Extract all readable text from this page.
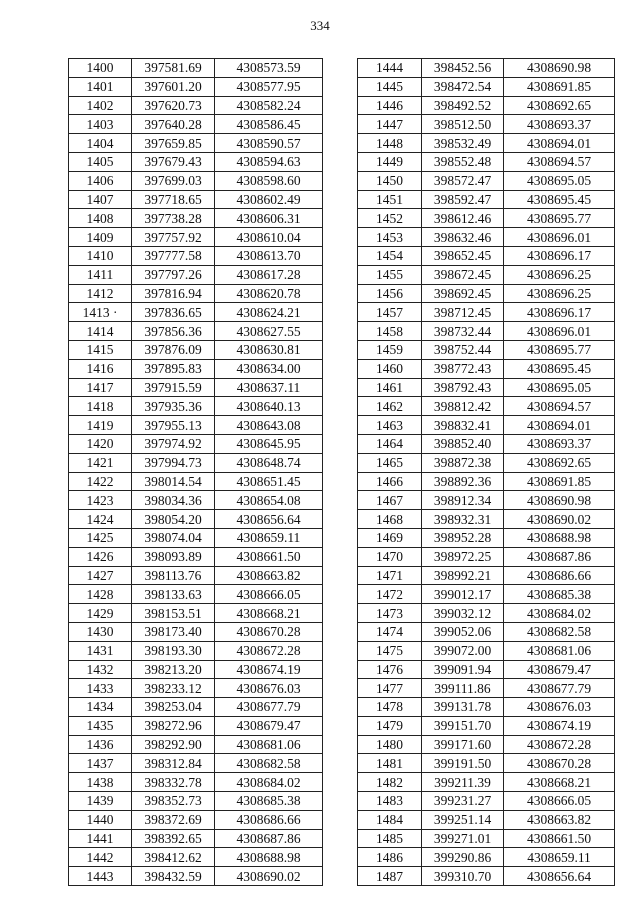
334
1400	397581.69	4308573.59
1401	397601.20	4308577.95
1402	397620.73	4308582.24
1403	397640.28	4308586.45
1404	397659.85	4308590.57
1405	397679.43	4308594.63
1406	397699.03	4308598.60
1407	397718.65	4308602.49
1408	397738.28	4308606.31
1409	397757.92	4308610.04
1410	397777.58	4308613.70
1411	397797.26	4308617.28
1412	397816.94	4308620.78
1413 ·	397836.65	4308624.21
1414	397856.36	4308627.55
1415	397876.09	4308630.81
1416	397895.83	4308634.00
1417	397915.59	4308637.11
1418	397935.36	4308640.13
1419	397955.13	4308643.08
1420	397974.92	4308645.95
1421	397994.73	4308648.74
1422	398014.54	4308651.45
1423	398034.36	4308654.08
1424	398054.20	4308656.64
1425	398074.04	4308659.11
1426	398093.89	4308661.50
1427	398113.76	4308663.82
1428	398133.63	4308666.05
1429	398153.51	4308668.21
1430	398173.40	4308670.28
1431	398193.30	4308672.28
1432	398213.20	4308674.19
1433	398233.12	4308676.03
1434	398253.04	4308677.79
1435	398272.96	4308679.47
1436	398292.90	4308681.06
1437	398312.84	4308682.58
1438	398332.78	4308684.02
1439	398352.73	4308685.38
1440	398372.69	4308686.66
1441	398392.65	4308687.86
1442	398412.62	4308688.98
1443	398432.59	4308690.02
1444	398452.56	4308690.98
1445	398472.54	4308691.85
1446	398492.52	4308692.65
1447	398512.50	4308693.37
1448	398532.49	4308694.01
1449	398552.48	4308694.57
1450	398572.47	4308695.05
1451	398592.47	4308695.45
1452	398612.46	4308695.77
1453	398632.46	4308696.01
1454	398652.45	4308696.17
1455	398672.45	4308696.25
1456	398692.45	4308696.25
1457	398712.45	4308696.17
1458	398732.44	4308696.01
1459	398752.44	4308695.77
1460	398772.43	4308695.45
1461	398792.43	4308695.05
1462	398812.42	4308694.57
1463	398832.41	4308694.01
1464	398852.40	4308693.37
1465	398872.38	4308692.65
1466	398892.36	4308691.85
1467	398912.34	4308690.98
1468	398932.31	4308690.02
1469	398952.28	4308688.98
1470	398972.25	4308687.86
1471	398992.21	4308686.66
1472	399012.17	4308685.38
1473	399032.12	4308684.02
1474	399052.06	4308682.58
1475	399072.00	4308681.06
1476	399091.94	4308679.47
1477	399111.86	4308677.79
1478	399131.78	4308676.03
1479	399151.70	4308674.19
1480	399171.60	4308672.28
1481	399191.50	4308670.28
1482	399211.39	4308668.21
1483	399231.27	4308666.05
1484	399251.14	4308663.82
1485	399271.01	4308661.50
1486	399290.86	4308659.11
1487	399310.70	4308656.64
